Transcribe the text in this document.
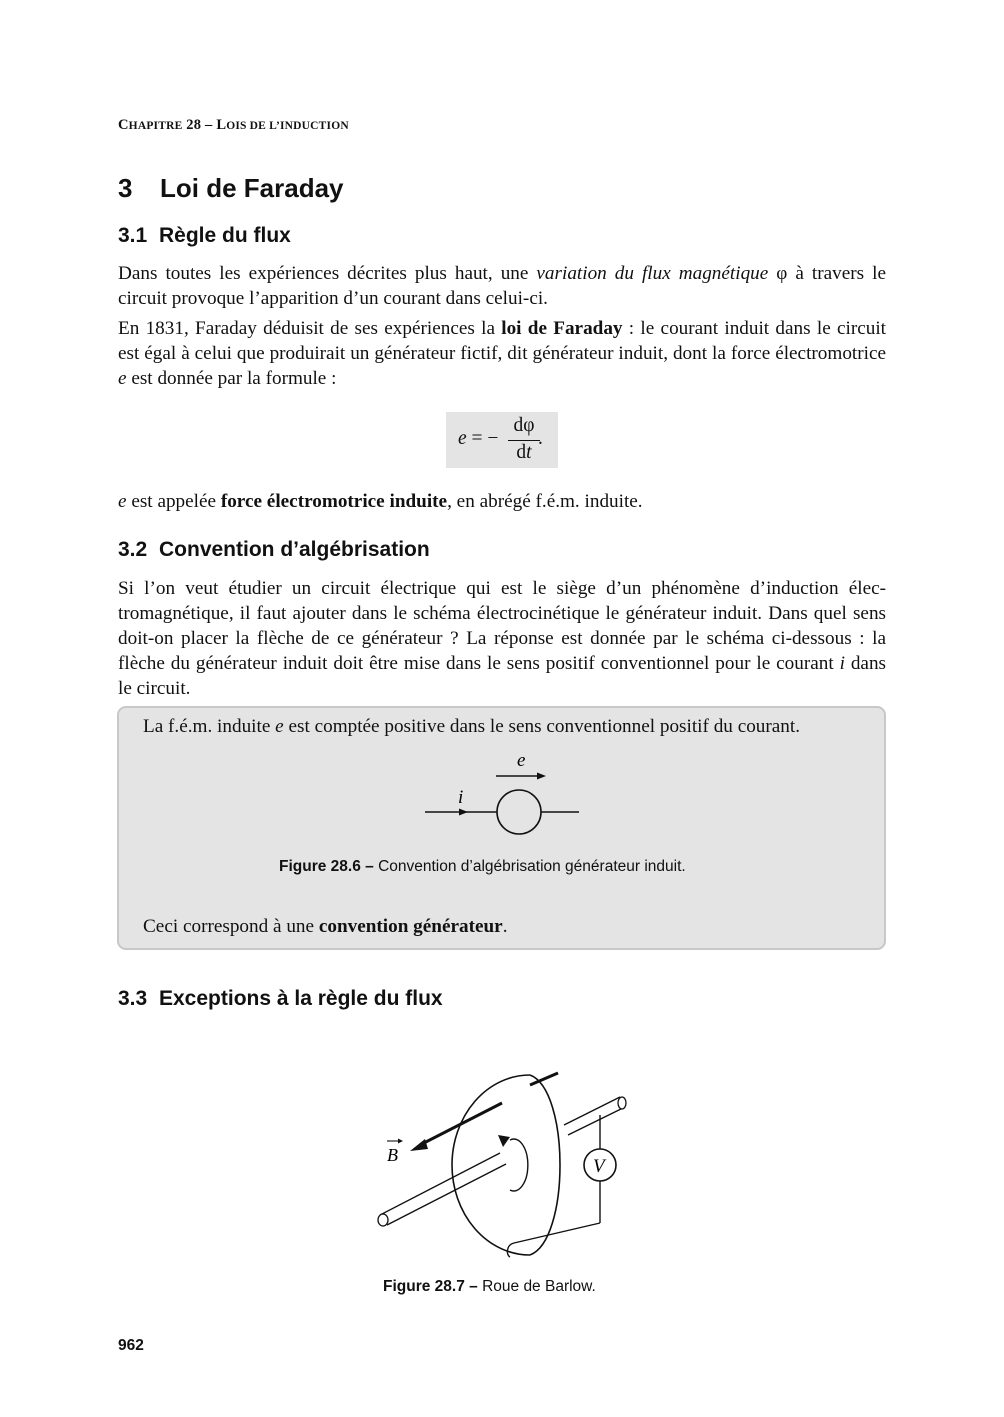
CHAPITRE 28 – LOIS DE L’INDUCTION
3 Loi de Faraday
3.1 Règle du flux
Dans toutes les expériences décrites plus haut, une variation du flux magnétique φ à travers le circuit provoque l’apparition d’un courant dans celui-ci.
En 1831, Faraday déduisit de ses expériences la loi de Faraday : le courant induit dans le circuit est égal à celui que produirait un générateur fictif, dit générateur induit, dont la force électromotrice e est donnée par la formule :
e = −
dφ
dt
.
e est appelée force électromotrice induite, en abrégé f.é.m. induite.
3.2 Convention d’algébrisation
Si l’on veut étudier un circuit électrique qui est le siège d’un phénomène d’induction élec-tromagnétique, il faut ajouter dans le schéma électrocinétique le générateur induit. Dans quel sens doit-on placer la flèche de ce générateur ? La réponse est donnée par le schéma ci-dessous : la flèche du générateur induit doit être mise dans le sens positif conventionnel pour le courant i dans le circuit.
La f.é.m. induite e est comptée positive dans le sens conventionnel positif du courant.
e
i
Figure 28.6 – Convention d’algébrisation générateur induit.
Ceci correspond à une convention générateur.
3.3 Exceptions à la règle du flux
B
V
Figure 28.7 – Roue de Barlow.
962
